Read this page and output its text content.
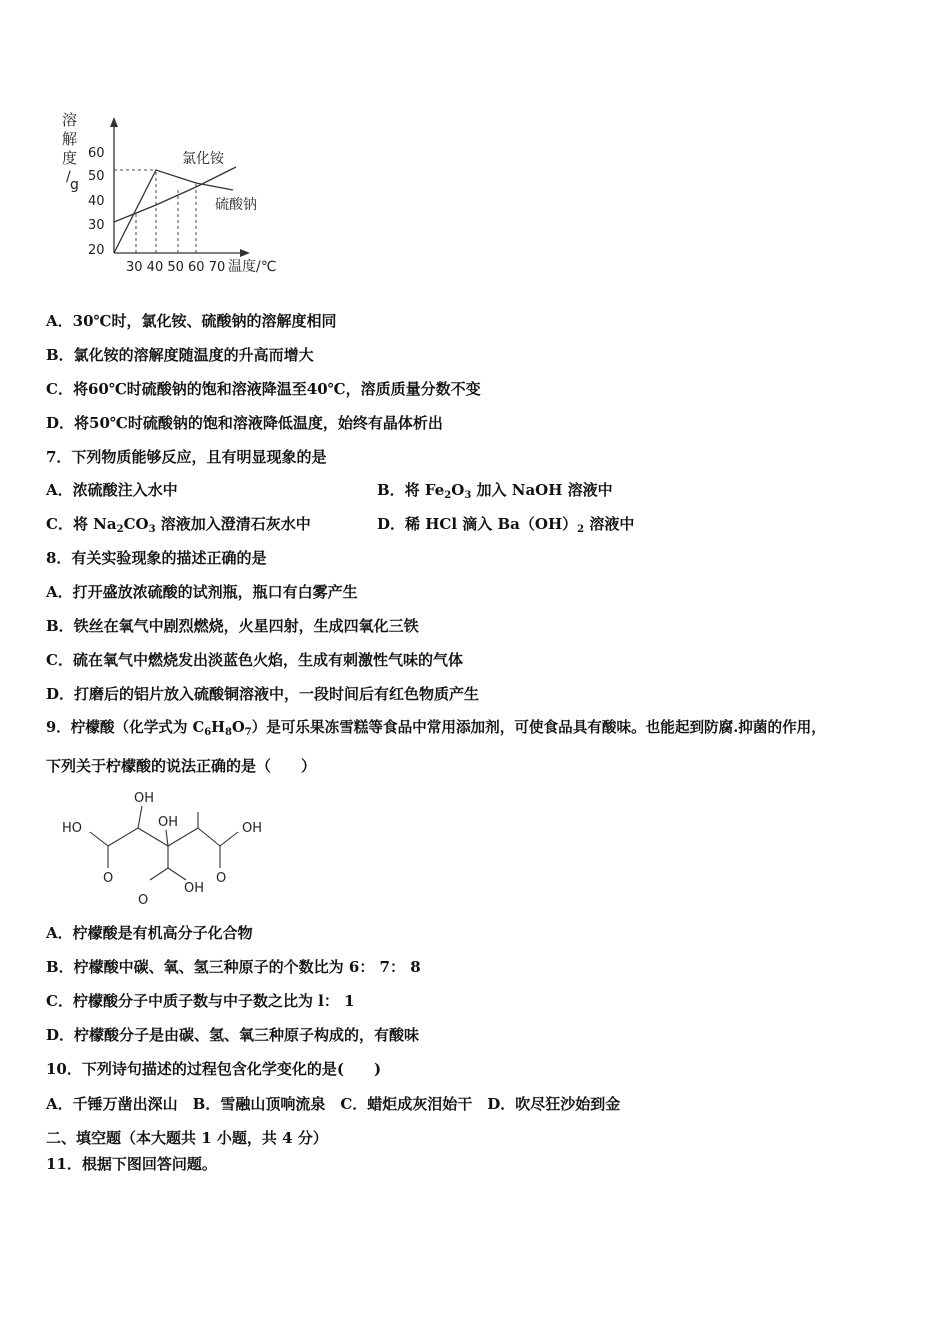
溶
解
度
/ g
60
50
40
30
20
30 40 50 60 70 温度/℃
氯化铵
硫酸钠
A．30℃时，氯化铵、硫酸钠的溶解度相同
B．氯化铵的溶解度随温度的升高而增大
C．将60℃时硫酸钠的饱和溶液降温至40℃，溶质质量分数不变
D．将50℃时硫酸钠的饱和溶液降低温度，始终有晶体析出
7．下列物质能够反应，且有明显现象的是
A．浓硫酸注入水中	B．将 $Fe_2O_3$ 加入 NaOH 溶液中
C．将 $Na_2CO_3$ 溶液加入澄清石灰水中	D．稀 HCl 滴入 $Ba(OH)_2$ 溶液中
8．有关实验现象的描述正确的是
A．打开盛放浓硫酸的试剂瓶，瓶口有白雾产生
B．铁丝在氧气中剧烈燃烧，火星四射，生成四氧化三铁
C．硫在氧气中燃烧发出淡蓝色火焰，生成有刺激性气味的气体
D．打磨后的铝片放入硫酸铜溶液中，一段时间后有红色物质产生
9．柠檬酸（化学式为 $C_6H_8O_7$）是可乐果冻雪糕等食品中常用添加剂，可使食品具有酸味。也能起到防腐.抑菌的作用，
下列关于柠檬酸的说法正确的是（　　）
OH
HO	OH	OH
O	O
OH
O
A．柠檬酸是有机高分子化合物
B．柠檬酸中碳、氧、氢三种原子的个数比为 6： 7： 8
C．柠檬酸分子中质子数与中子数之比为 l： 1
D．柠檬酸分子是由碳、氢、氧三种原子构成的，有酸味
10．下列诗句描述的过程包含化学变化的是(　　)
A．千锤万凿出深山　B．雪融山顶响流泉　C．蜡炬成灰泪始干　D．吹尽狂沙始到金
二、填空题（本大题共 1 小题，共 4 分）
11．根据下图回答问题。
